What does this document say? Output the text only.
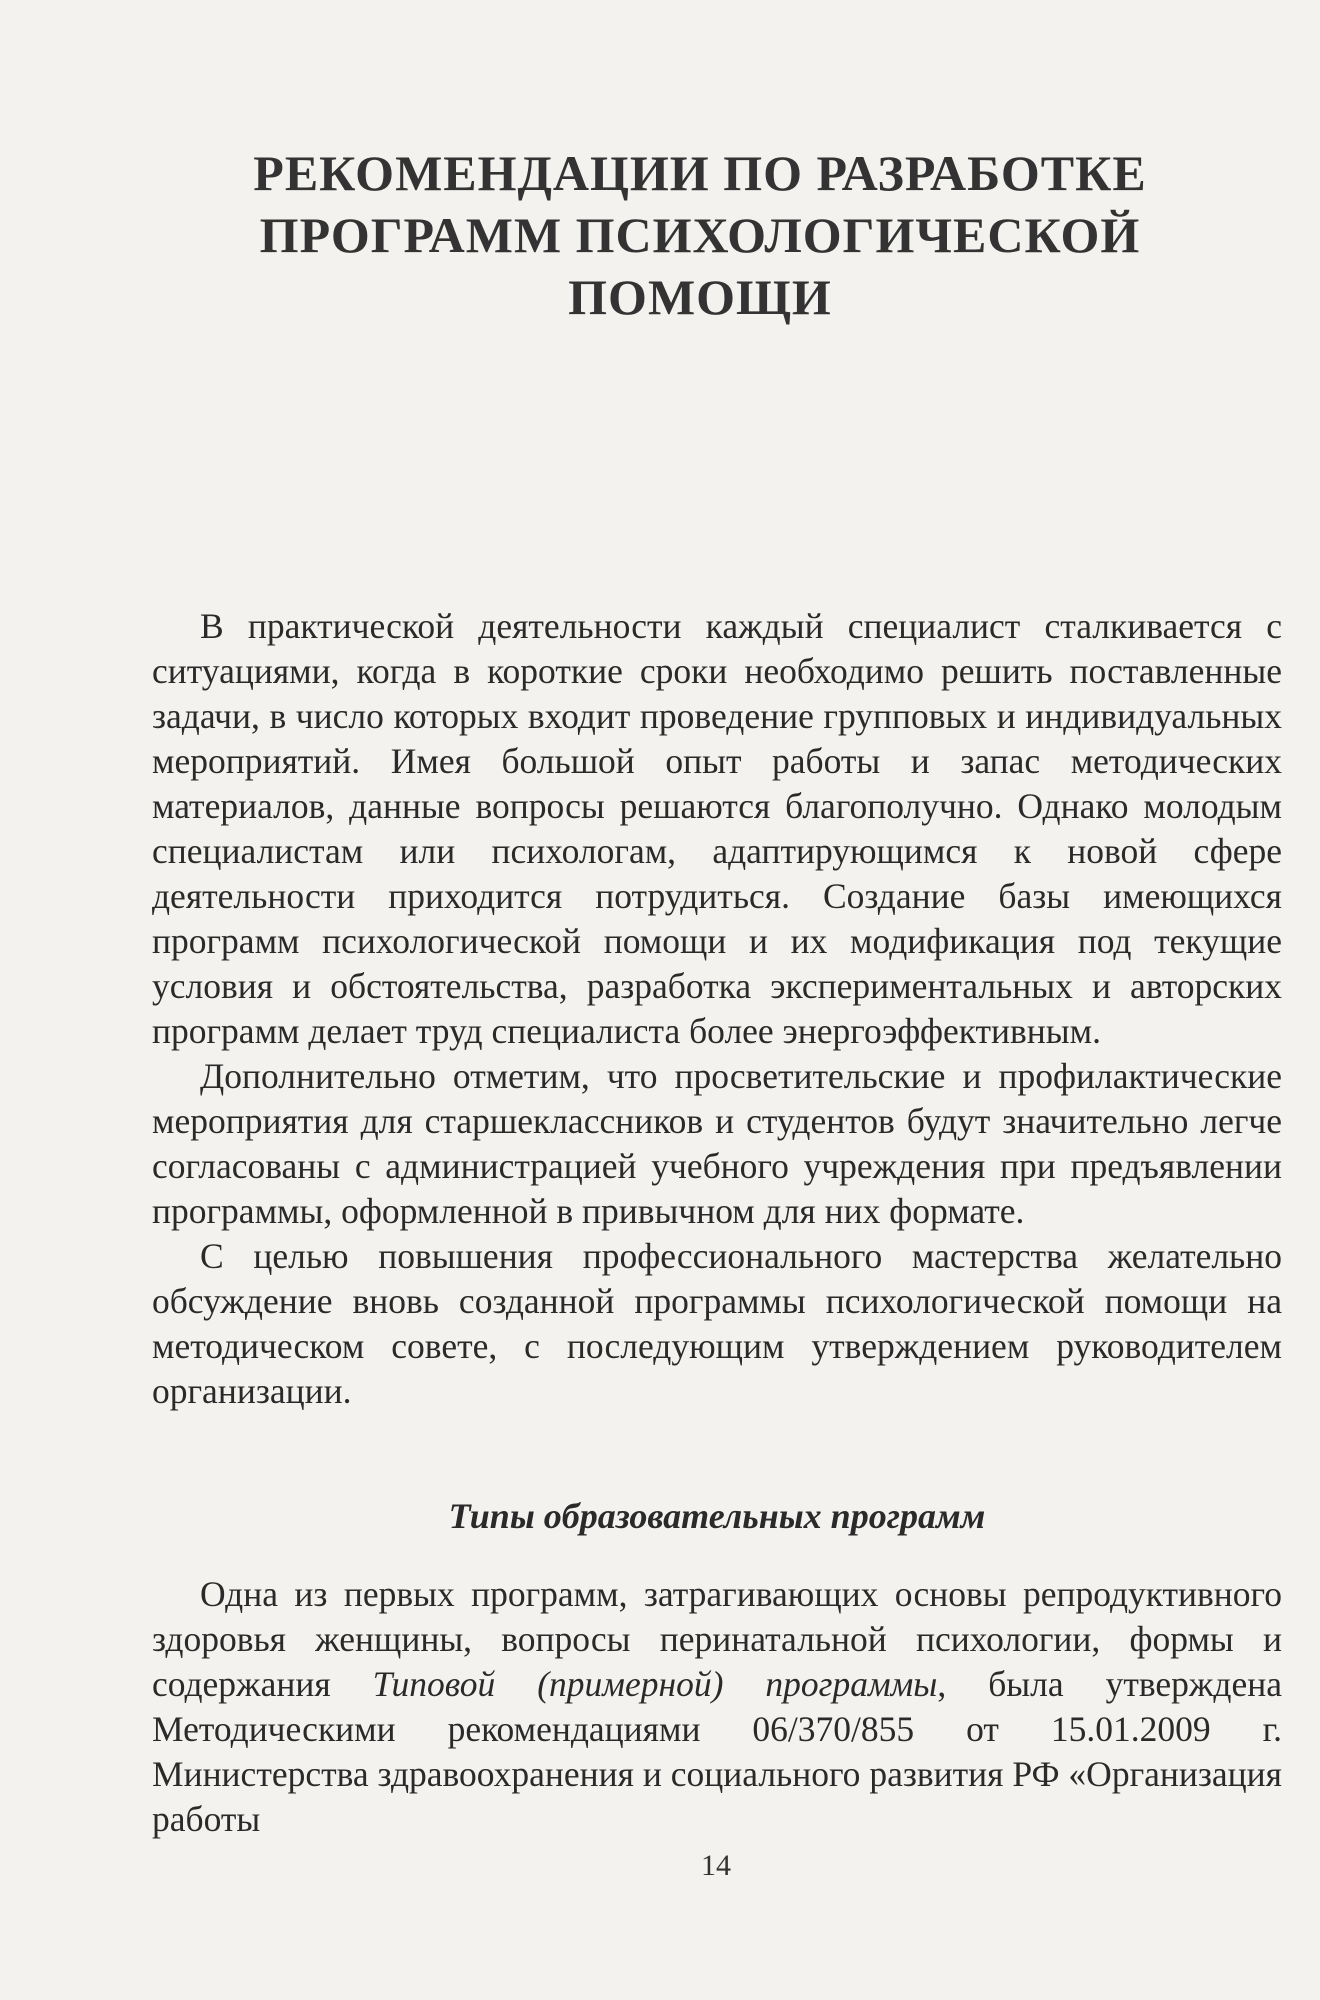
РЕКОМЕНДАЦИИ ПО РАЗРАБОТКЕ
ПРОГРАММ ПСИХОЛОГИЧЕСКОЙ ПОМОЩИ

В практической деятельности каждый специалист сталкивается с ситуациями, когда в короткие сроки необходимо решить поставленные задачи, в число которых входит проведение групповых и индивидуальных мероприятий. Имея большой опыт работы и запас методических материалов, данные вопросы решаются благополучно. Однако молодым специалистам или психологам, адаптирующимся к новой сфере деятельности приходится потрудиться. Создание базы имеющихся программ психологической помощи и их модификация под текущие условия и обстоятельства, разработка экспериментальных и авторских программ делает труд специалиста более энергоэффективным.

Дополнительно отметим, что просветительские и профилактические мероприятия для старшеклассников и студентов будут значительно легче согласованы с администрацией учебного учреждения при предъявлении программы, оформленной в привычном для них формате.

С целью повышения профессионального мастерства желательно обсуждение вновь созданной программы психологической помощи на методическом совете, с последующим утверждением руководителем организации.

Типы образовательных программ

Одна из первых программ, затрагивающих основы репродуктивного здоровья женщины, вопросы перинатальной психологии, формы и содержания Типовой (примерной) программы, была утверждена Методическими рекомендациями 06/370/855 от 15.01.2009 г. Министерства здравоохранения и социального развития РФ «Организация работы

14
